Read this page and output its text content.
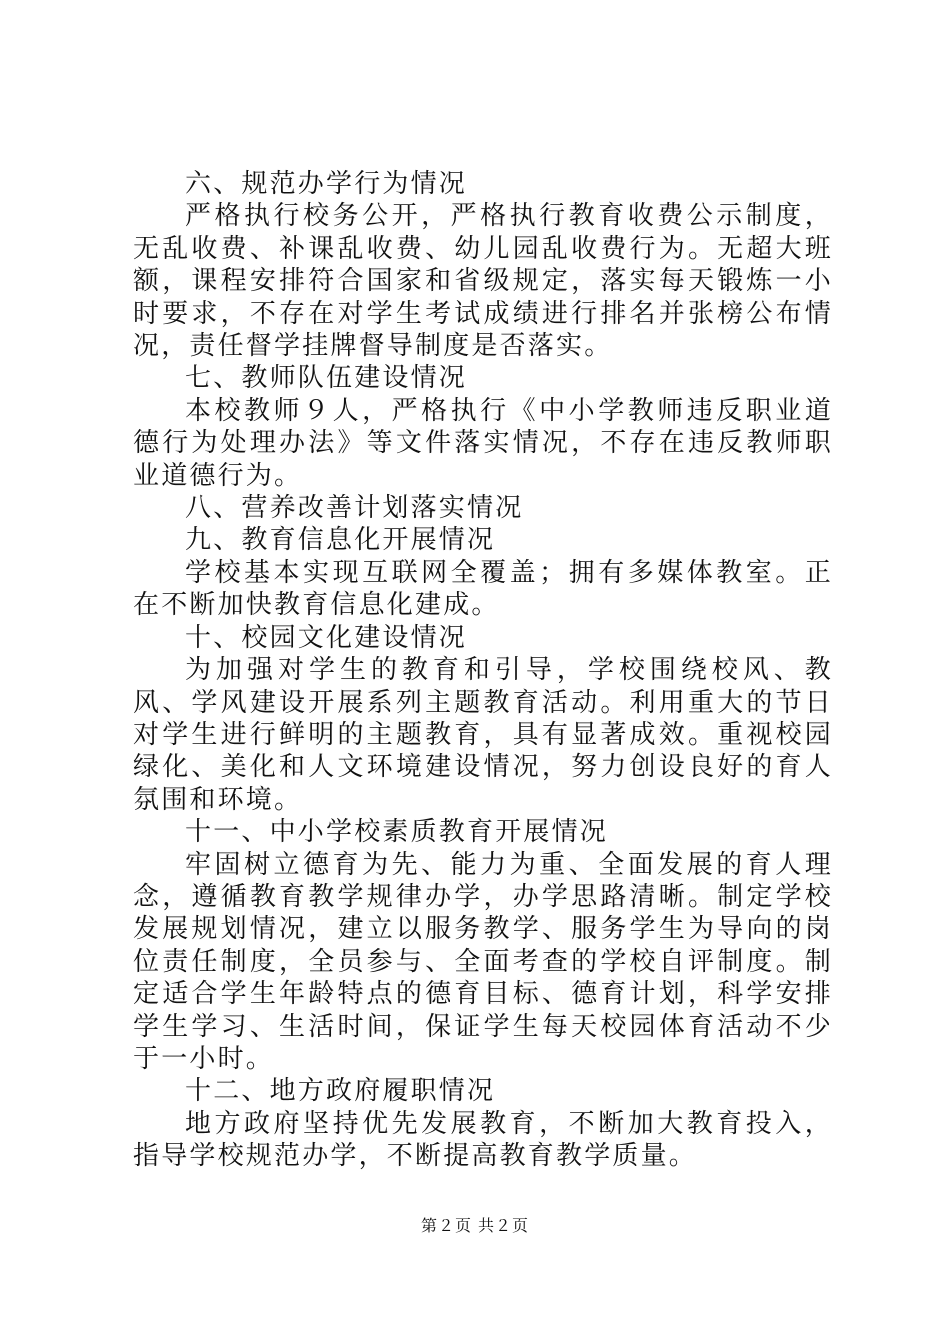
六、规范办学行为情况

严格执行校务公开，严格执行教育收费公示制度，无乱收费、补课乱收费、幼儿园乱收费行为。无超大班额，课程安排符合国家和省级规定，落实每天锻炼一小时要求，不存在对学生考试成绩进行排名并张榜公布情况，责任督学挂牌督导制度是否落实。

七、教师队伍建设情况

本校教师９人，严格执行《中小学教师违反职业道德行为处理办法》等文件落实情况，不存在违反教师职业道德行为。

八、营养改善计划落实情况

九、教育信息化开展情况

学校基本实现互联网全覆盖；拥有多媒体教室。正在不断加快教育信息化建成。

十、校园文化建设情况

为加强对学生的教育和引导，学校围绕校风、教风、学风建设开展系列主题教育活动。利用重大的节日对学生进行鲜明的主题教育，具有显著成效。重视校园绿化、美化和人文环境建设情况，努力创设良好的育人氛围和环境。

十一、中小学校素质教育开展情况

牢固树立德育为先、能力为重、全面发展的育人理念，遵循教育教学规律办学，办学思路清晰。制定学校发展规划情况，建立以服务教学、服务学生为导向的岗位责任制度，全员参与、全面考查的学校自评制度。制定适合学生年龄特点的德育目标、德育计划，科学安排学生学习、生活时间，保证学生每天校园体育活动不少于一小时。

十二、地方政府履职情况

地方政府坚持优先发展教育，不断加大教育投入，指导学校规范办学，不断提高教育教学质量。

第２页 共２页
